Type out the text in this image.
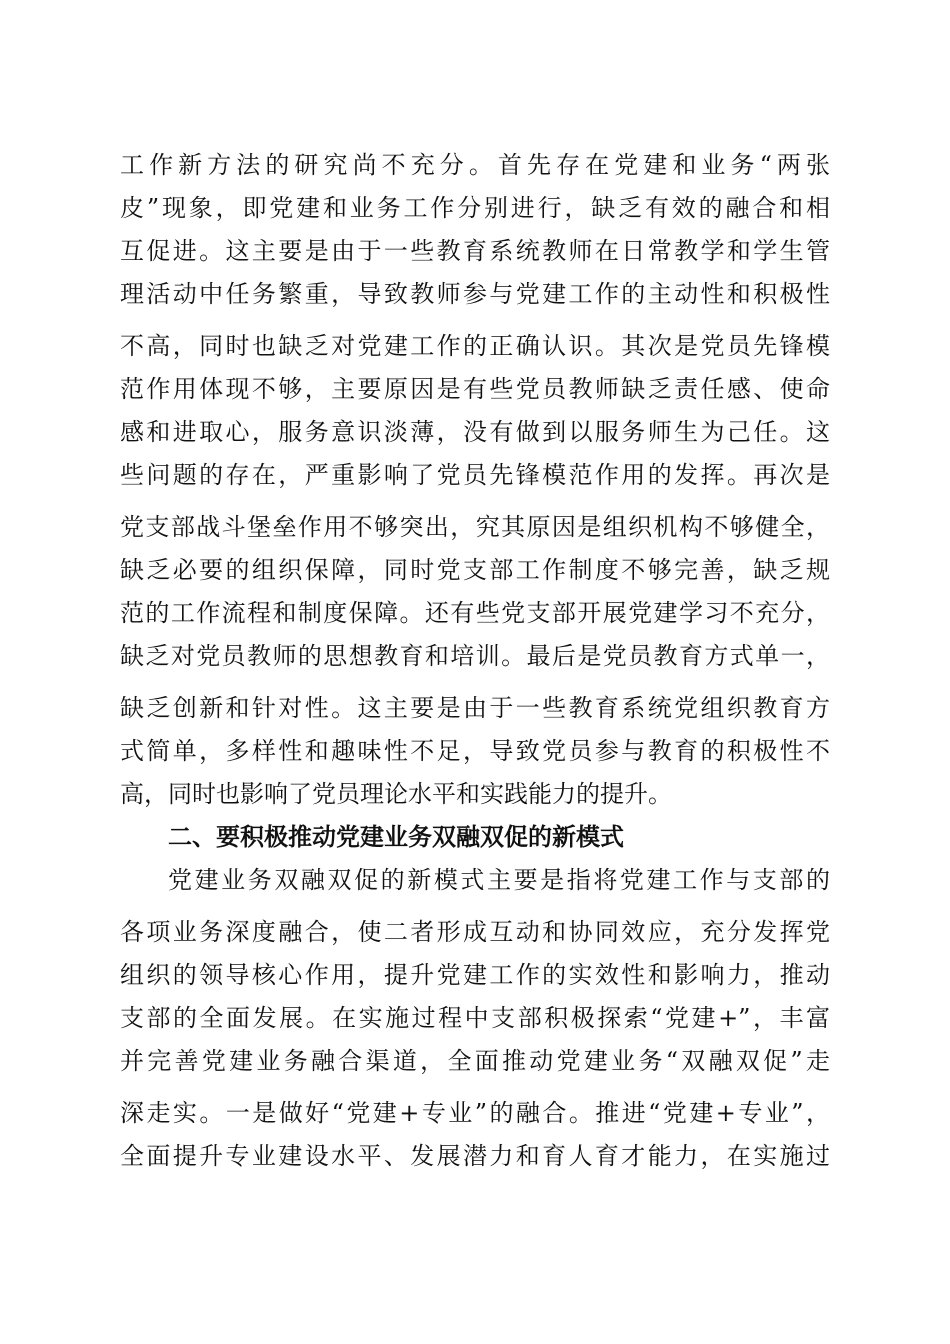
工作新方法的研究尚不充分。首先存在党建和业务“两张
皮”现象，即党建和业务工作分别进行，缺乏有效的融合和相
互促进。这主要是由于一些教育系统教师在日常教学和学生管
理活动中任务繁重，导致教师参与党建工作的主动性和积极性
不高，同时也缺乏对党建工作的正确认识。其次是党员先锋模
范作用体现不够，主要原因是有些党员教师缺乏责任感、使命
感和进取心，服务意识淡薄，没有做到以服务师生为己任。这
些问题的存在，严重影响了党员先锋模范作用的发挥。再次是
党支部战斗堡垒作用不够突出，究其原因是组织机构不够健全，
缺乏必要的组织保障，同时党支部工作制度不够完善，缺乏规
范的工作流程和制度保障。还有些党支部开展党建学习不充分，
缺乏对党员教师的思想教育和培训。最后是党员教育方式单一，
缺乏创新和针对性。这主要是由于一些教育系统党组织教育方
式简单，多样性和趣味性不足，导致党员参与教育的积极性不
高，同时也影响了党员理论水平和实践能力的提升。
二、要积极推动党建业务双融双促的新模式
党建业务双融双促的新模式主要是指将党建工作与支部的
各项业务深度融合，使二者形成互动和协同效应，充分发挥党
组织的领导核心作用，提升党建工作的实效性和影响力，推动
支部的全面发展。在实施过程中支部积极探索“党建+”，丰富
并完善党建业务融合渠道，全面推动党建业务“双融双促”走
深走实。一是做好“党建+专业”的融合。推进“党建+专业”，
全面提升专业建设水平、发展潜力和育人育才能力，在实施过
